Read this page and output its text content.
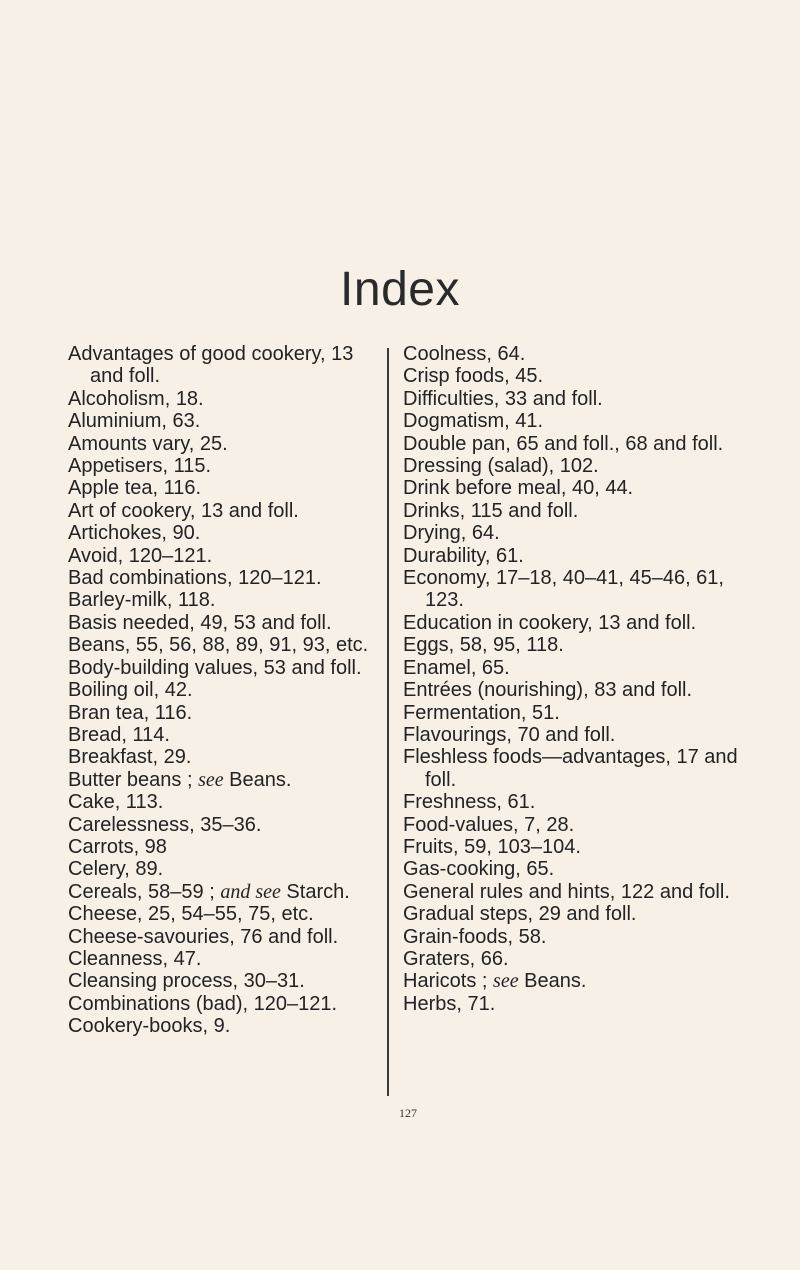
Index
Advantages of good cookery, 13 and foll.
Alcoholism, 18.
Aluminium, 63.
Amounts vary, 25.
Appetisers, 115.
Apple tea, 116.
Art of cookery, 13 and foll.
Artichokes, 90.
Avoid, 120–121.
Bad combinations, 120–121.
Barley-milk, 118.
Basis needed, 49, 53 and foll.
Beans, 55, 56, 88, 89, 91, 93, etc.
Body-building values, 53 and foll.
Boiling oil, 42.
Bran tea, 116.
Bread, 114.
Breakfast, 29.
Butter beans ; see Beans.
Cake, 113.
Carelessness, 35–36.
Carrots, 98
Celery, 89.
Cereals, 58–59 ; and see Starch.
Cheese, 25, 54–55, 75, etc.
Cheese-savouries, 76 and foll.
Cleanness, 47.
Cleansing process, 30–31.
Combinations (bad), 120–121.
Cookery-books, 9.
Coolness, 64.
Crisp foods, 45.
Difficulties, 33 and foll.
Dogmatism, 41.
Double pan, 65 and foll., 68 and foll.
Dressing (salad), 102.
Drink before meal, 40, 44.
Drinks, 115 and foll.
Drying, 64.
Durability, 61.
Economy, 17–18, 40–41, 45–46, 61, 123.
Education in cookery, 13 and foll.
Eggs, 58, 95, 118.
Enamel, 65.
Entrées (nourishing), 83 and foll.
Fermentation, 51.
Flavourings, 70 and foll.
Fleshless foods—advantages, 17 and foll.
Freshness, 61.
Food-values, 7, 28.
Fruits, 59, 103–104.
Gas-cooking, 65.
General rules and hints, 122 and foll.
Gradual steps, 29 and foll.
Grain-foods, 58.
Graters, 66.
Haricots ; see Beans.
Herbs, 71.
127
